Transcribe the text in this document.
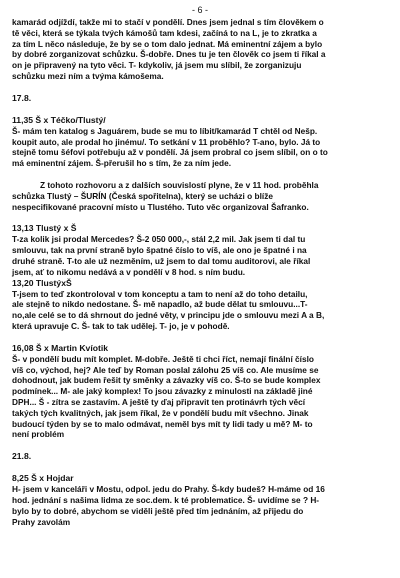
- 6 -

kamarád odjíždí, takže mi to stačí v pondělí. Dnes jsem jednal s tím člověkem o
tě věci, která se týkala tvých kámošů tam kdesi, začíná to na L, je to zkratka a
za tím L něco následuje, že by se o tom dalo jednat. Má eminentní zájem a bylo
by dobré zorganizovat schůzku. Š-dobře. Dnes tu je ten člověk co jsem ti říkal a
on je připravený na tyto věci. T- kdykoliv, já jsem mu slíbil, že zorganizuju
schůzku mezi ním a tvýma kámošema.

17.8.

11,35 Š x Téčko/Tlustý/

Š- mám ten katalog s Jaguárem, bude se mu to líbit/kamarád T chtěl od Nešp.
koupit auto, ale prodal ho jinému/. To setkání v 11 proběhlo? T-ano, bylo. Já to
stejně tomu šéfovi potřebuju až v pondělí. Já jsem probral co jsem slíbil, on o to
má eminentní zájem. Š-přerušil ho s tím, že za ním jede.

Z tohoto rozhovoru a z dalších souvislostí plyne, že v 11 hod. proběhla
schůzka Tlustý – ŠURÍN (Česká spořitelna), který se ucházi o blíže
nespecifikované pracovní místo u Tlustého. Tuto věc organizoval Šafranko.

13,13 Tlustý x Š

T-za kolik jsi prodal Mercedes? Š-2 050 000,-, stál 2,2 mil. Jak jsem ti dal tu
smlouvu, tak na první straně bylo špatné číslo to víš, ale ono je špatné i na
druhé straně. T-to ale už nezměním, už jsem to dal tomu auditorovi, ale říkal
jsem, ať to nikomu nedává a v pondělí v 8 hod. s ním budu.

13,20 TlustýxŠ

T-jsem to teď zkontroloval v tom konceptu a tam to není až do toho detailu,
ale stejně to nikdo nedostane. Š- mě napadlo, až bude dělat tu smlouvu...T-
no,ale celé se to dá shrnout do jedné věty, v principu jde o smlouvu mezi A a B,
která upravuje C. Š- tak to tak udělej. T- jo, je v pohodě.

16,08 Š x Martin Kvíotik

Š- v pondělí budu mít komplet. M-dobře. Ještě ti chci říct, nemají finální číslo
víš co, východ, hej? Ale teď by Roman poslal zálohu 25 víš co. Ale musíme se
dohodnout, jak budem řešit ty směnky a závazky víš co. Š-to se bude komplex
podmínek... M- ale jaký komplex! To jsou závazky z minulosti na základě jiné
DPH... Š - zítra se zastavím. A ještě ty ďaj připravit ten protinávrh tých věcí
takých tých kvalitných, jak jsem říkal, že v pondělí budu mít všechno. Jinak
budoucí týden by se to malo odmávat, neměl bys mít ty lidi tady u mě? M- to
není problém

21.8.

8,25 Š x Hojdar

H- jsem v kanceláři v Mostu, odpol. jedu do Prahy. Š-kdy budeš? H-máme od 16
hod. jednání s našima lidma ze soc.dem. k té problematice. Š- uvidíme se ? H-
bylo by to dobré, abychom se viděli ještě před tím jednáním, až přijedu do
Prahy zavolám
